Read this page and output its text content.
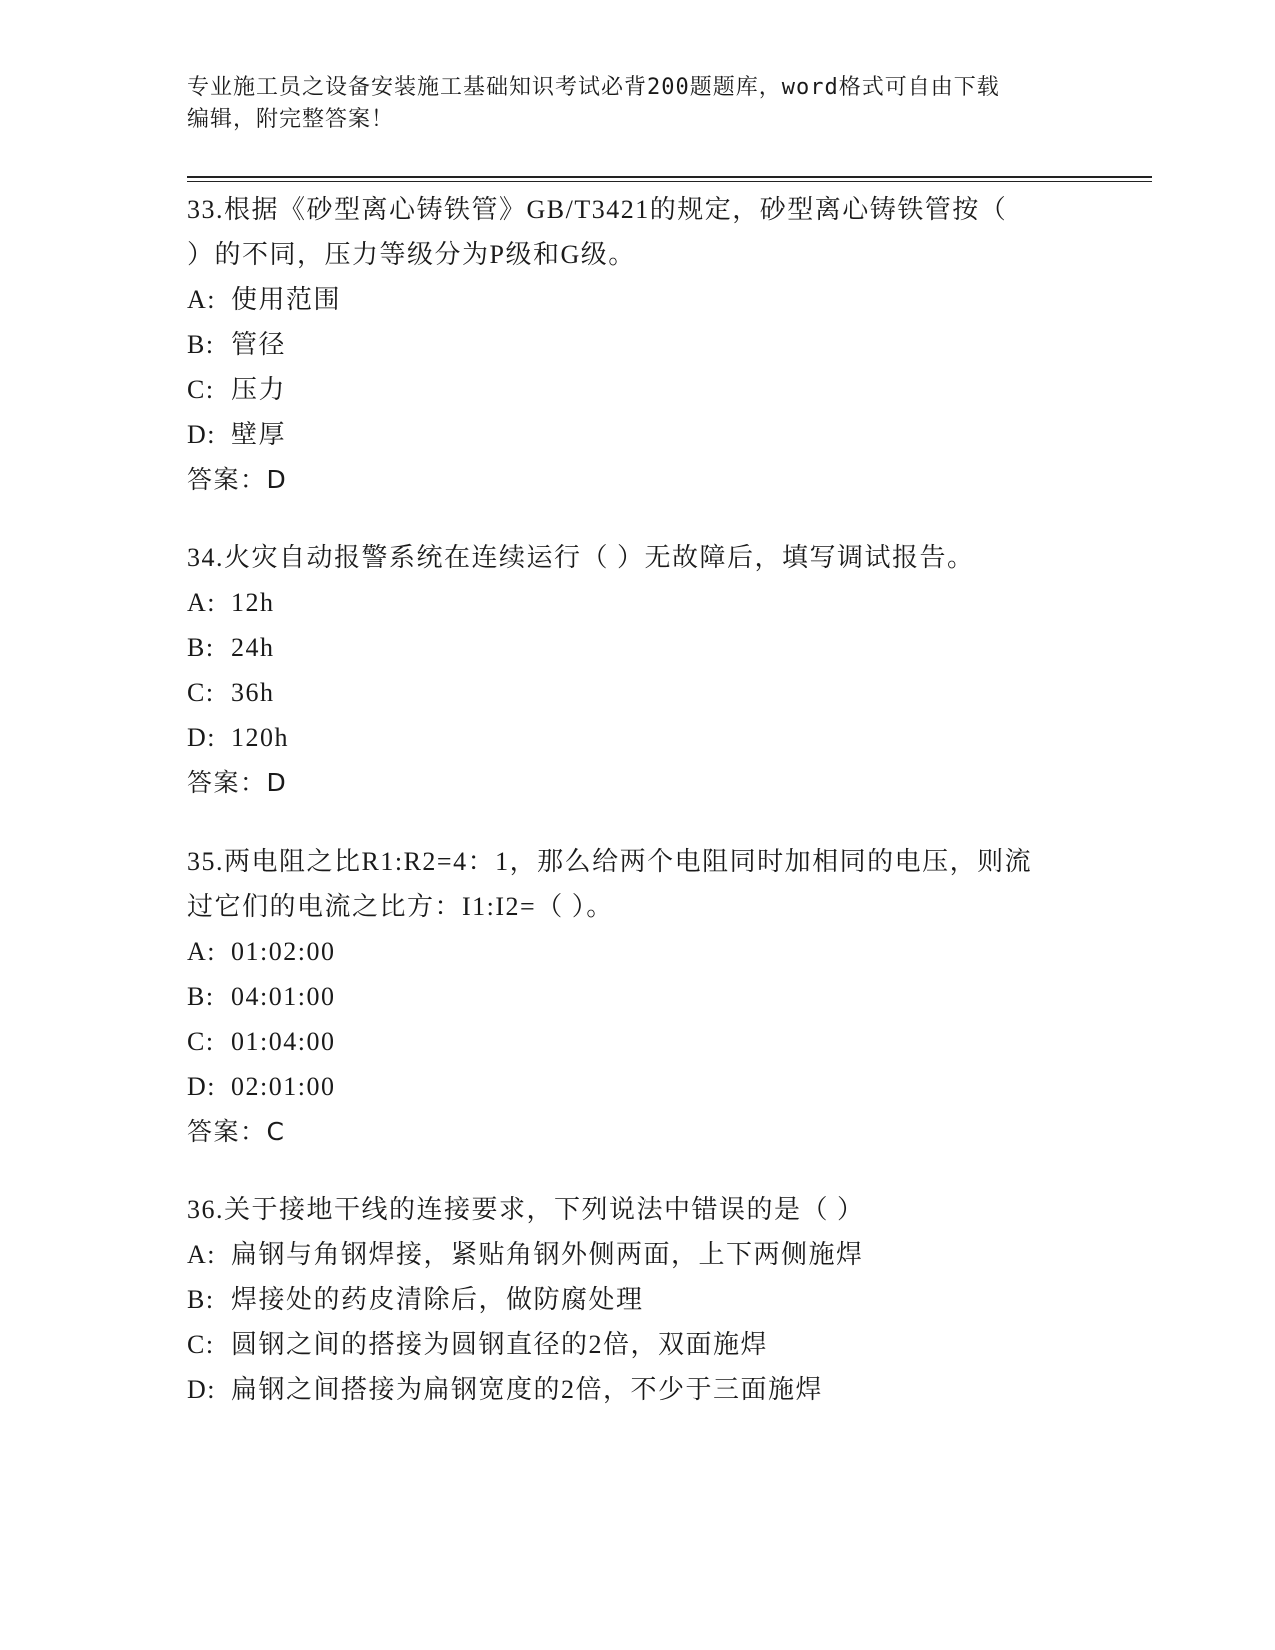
专业施工员之设备安装施工基础知识考试必背200题题库，word格式可自由下载
编辑，附完整答案！
33.根据《砂型离心铸铁管》GB/T3421的规定，砂型离心铸铁管按（
）的不同，压力等级分为P级和G级。
A: 使用范围
B: 管径
C: 压力
D: 壁厚
答案：D
34.火灾自动报警系统在连续运行（ ）无故障后，填写调试报告。
A: 12h
B: 24h
C: 36h
D: 120h
答案：D
35.两电阻之比R1:R2=4：1，那么给两个电阻同时加相同的电压，则流
过它们的电流之比方：I1:I2=（ ）。
A: 01:02:00
B: 04:01:00
C: 01:04:00
D: 02:01:00
答案：C
36.关于接地干线的连接要求，下列说法中错误的是（ ）
A: 扁钢与角钢焊接，紧贴角钢外侧两面，上下两侧施焊
B: 焊接处的药皮清除后，做防腐处理
C: 圆钢之间的搭接为圆钢直径的2倍，双面施焊
D: 扁钢之间搭接为扁钢宽度的2倍，不少于三面施焊
